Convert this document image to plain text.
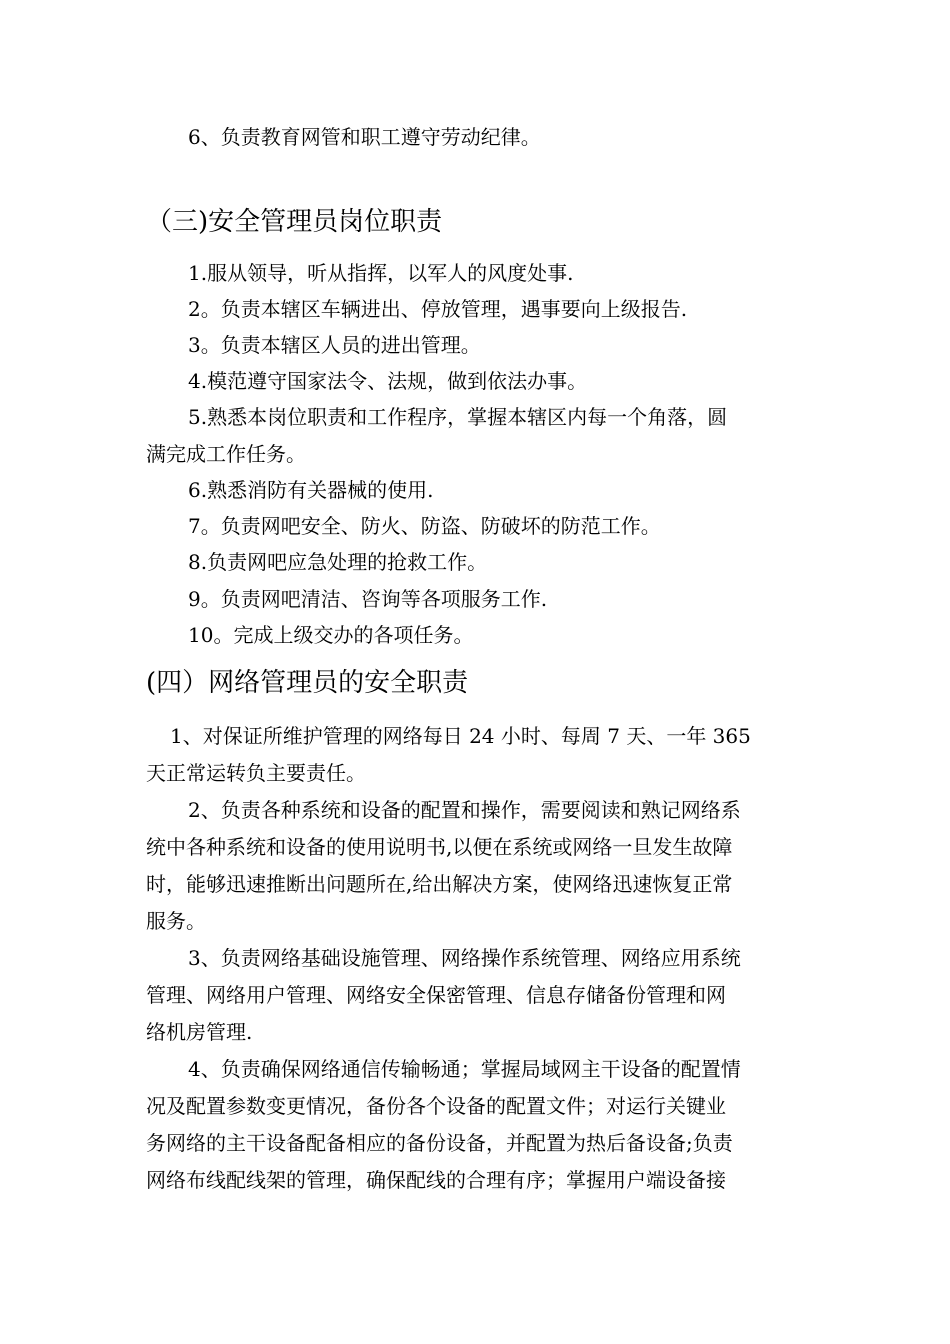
6、负责教育网管和职工遵守劳动纪律。
（三)安全管理员岗位职责
1.服从领导，听从指挥，以军人的风度处事.
2。负责本辖区车辆进出、停放管理，遇事要向上级报告.
3。负责本辖区人员的进出管理。
4.模范遵守国家法令、法规，做到依法办事。
5.熟悉本岗位职责和工作程序，掌握本辖区内每一个角落，圆
满完成工作任务。
6.熟悉消防有关器械的使用.
7。负责网吧安全、防火、防盗、防破坏的防范工作。
8.负责网吧应急处理的抢救工作。
9。负责网吧清洁、咨询等各项服务工作.
10。完成上级交办的各项任务。
(四）网络管理员的安全职责
1、对保证所维护管理的网络每日 24 小时、每周 7 天、一年 365
天正常运转负主要责任。
2、负责各种系统和设备的配置和操作，需要阅读和熟记网络系
统中各种系统和设备的使用说明书,以便在系统或网络一旦发生故障
时，能够迅速推断出问题所在,给出解决方案，使网络迅速恢复正常
服务。
3、负责网络基础设施管理、网络操作系统管理、网络应用系统
管理、网络用户管理、网络安全保密管理、信息存储备份管理和网
络机房管理.
4、负责确保网络通信传输畅通；掌握局域网主干设备的配置情
况及配置参数变更情况，备份各个设备的配置文件；对运行关键业
务网络的主干设备配备相应的备份设备，并配置为热后备设备;负责
网络布线配线架的管理，确保配线的合理有序；掌握用户端设备接
